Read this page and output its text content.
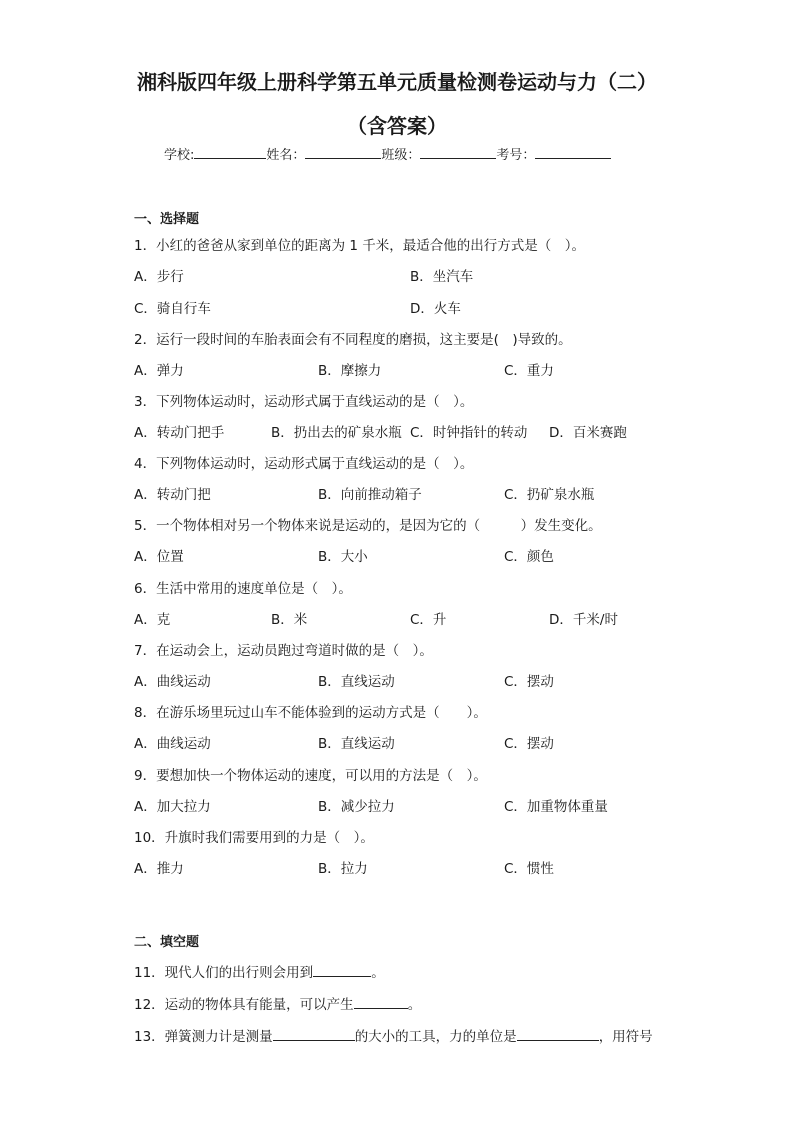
湘科版四年级上册科学第五单元质量检测卷运动与力（二）
（含答案）
学校:	姓名：	班级：	考号：
一、选择题
1．小红的爸爸从家到单位的距离为 1 千米，最适合他的出行方式是（　）。
A．步行	B．坐汽车
C．骑自行车	D．火车
2．运行一段时间的车胎表面会有不同程度的磨损，这主要是(　)导致的。
A．弹力	B．摩擦力	C．重力
3．下列物体运动时，运动形式属于直线运动的是（　）。
A．转动门把手	B．扔出去的矿泉水瓶 C．时钟指针的转动 D．百米赛跑
4．下列物体运动时，运动形式属于直线运动的是（　）。
A．转动门把	B．向前推动箱子	C．扔矿泉水瓶
5．一个物体相对另一个物体来说是运动的，是因为它的（　　　）发生变化。
A．位置	B．大小	C．颜色
6．生活中常用的速度单位是（　）。
A．克	B．米	C．升	D．千米/时
7．在运动会上，运动员跑过弯道时做的是（　）。
A．曲线运动	B．直线运动	C．摆动
8．在游乐场里玩过山车不能体验到的运动方式是（　　）。
A．曲线运动	B．直线运动	C．摆动
9．要想加快一个物体运动的速度，可以用的方法是（　）。
A．加大拉力	B．减少拉力	C．加重物体重量
10．升旗时我们需要用到的力是（　）。
A．推力	B．拉力	C．惯性
二、填空题
11．现代人们的出行则会用到	。
12．运动的物体具有能量，可以产生	。
13．弹簧测力计是测量	的大小的工具，力的单位是	，用符号
